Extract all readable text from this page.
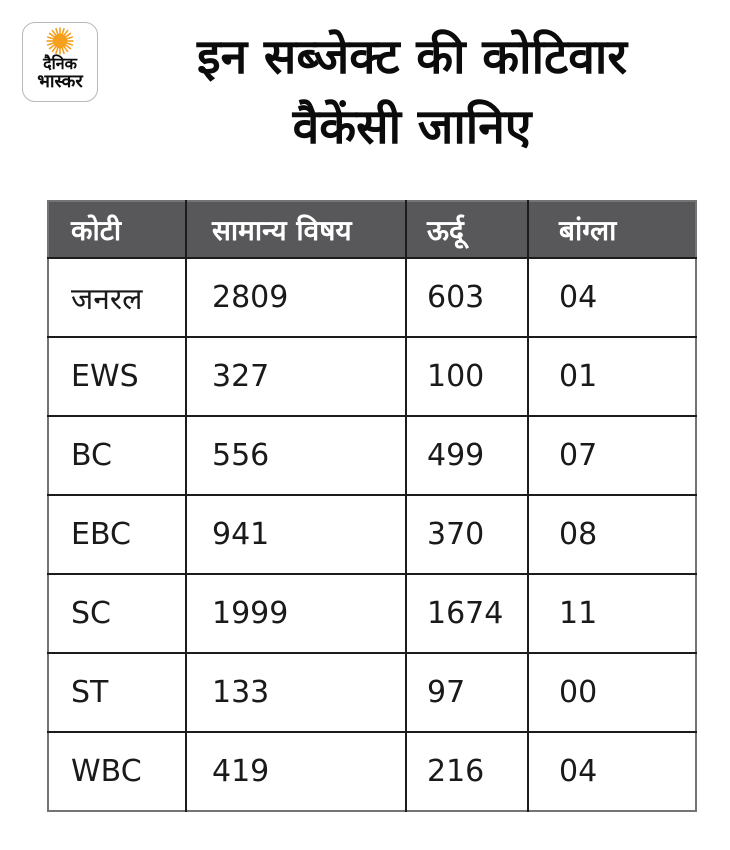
दैनिक
भास्कर	इन सब्जेक्ट की कोटिवार
वैकेंसी जानिए
कोटी	सामान्य विषय	ऊर्दू	बांग्ला
जनरल	2809	603	04
EWS	327	100	01
BC	556	499	07
EBC	941	370	08
SC	1999	1674	11
ST	133	97	00
WBC	419	216	04
